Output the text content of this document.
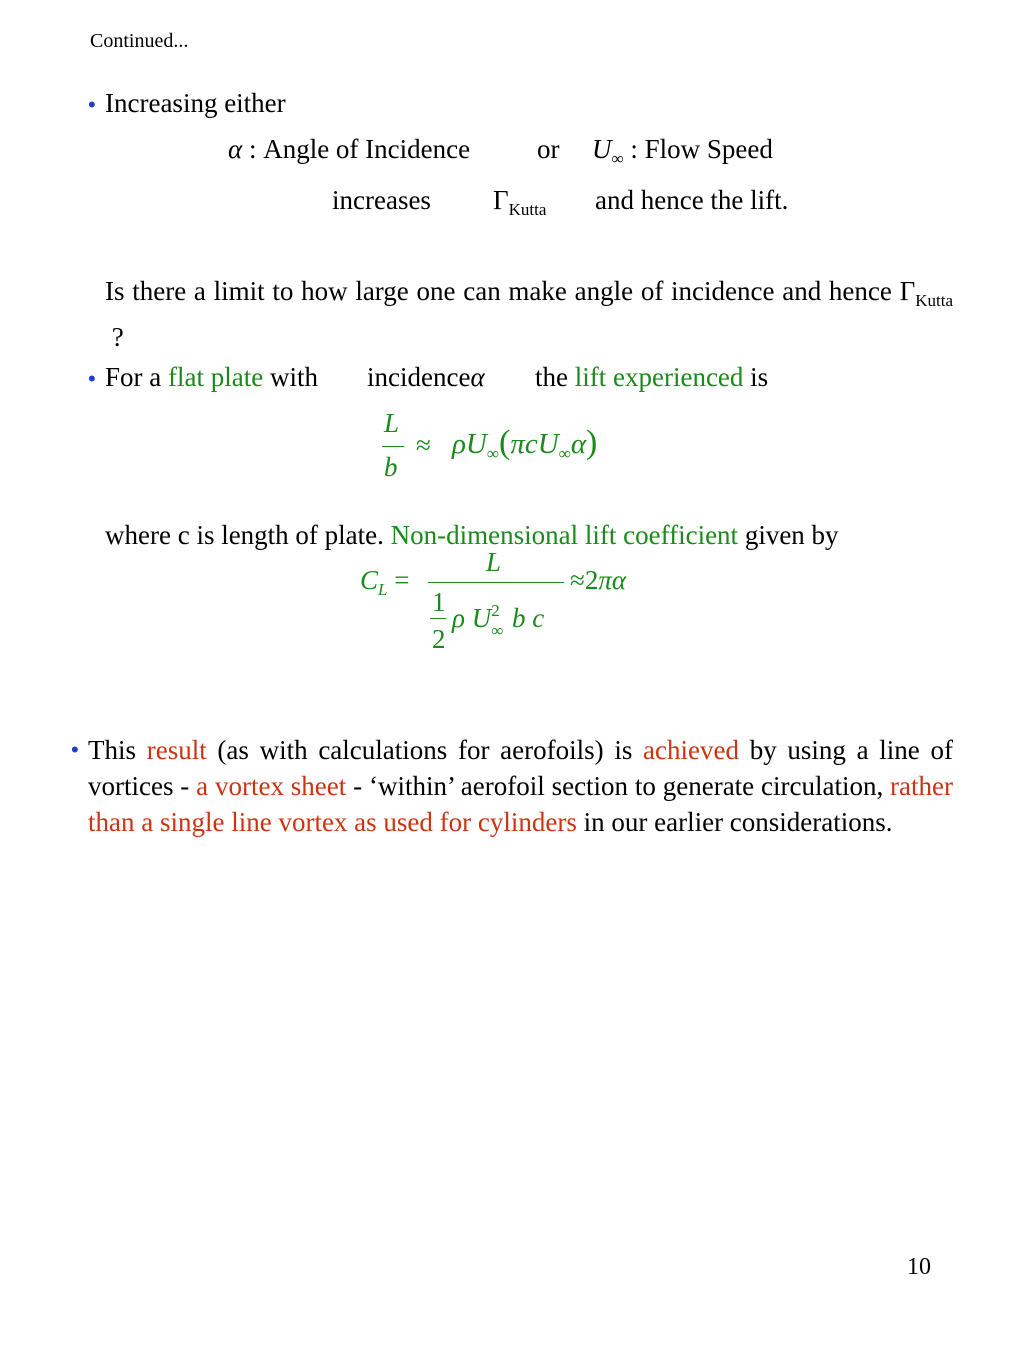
Continued...
• Increasing either
α : Angle of Incidence or $U_\infty$ : Flow Speed
increases $\Gamma_{Kutta}$ and hence the lift.
Is there a limit to how large one can make angle of incidence and hence $\Gamma_{Kutta}$  ?
• For a flat plate with incidenceα the lift experienced is
L
b
≈ $\rho U_\infty(\pi cU_\infty\alpha)$
where c is length of plate. Non-dimensional lift coefficient given by
$C_L$ =
L
1
2
ρ U 2
∞ b c
≈2πα
• This result (as with calculations for aerofoils) is achieved by using a line of vortices - a vortex sheet - ‘within’ aerofoil section to generate circulation, rather than a single line vortex as used for cylinders in our earlier considerations.
10
